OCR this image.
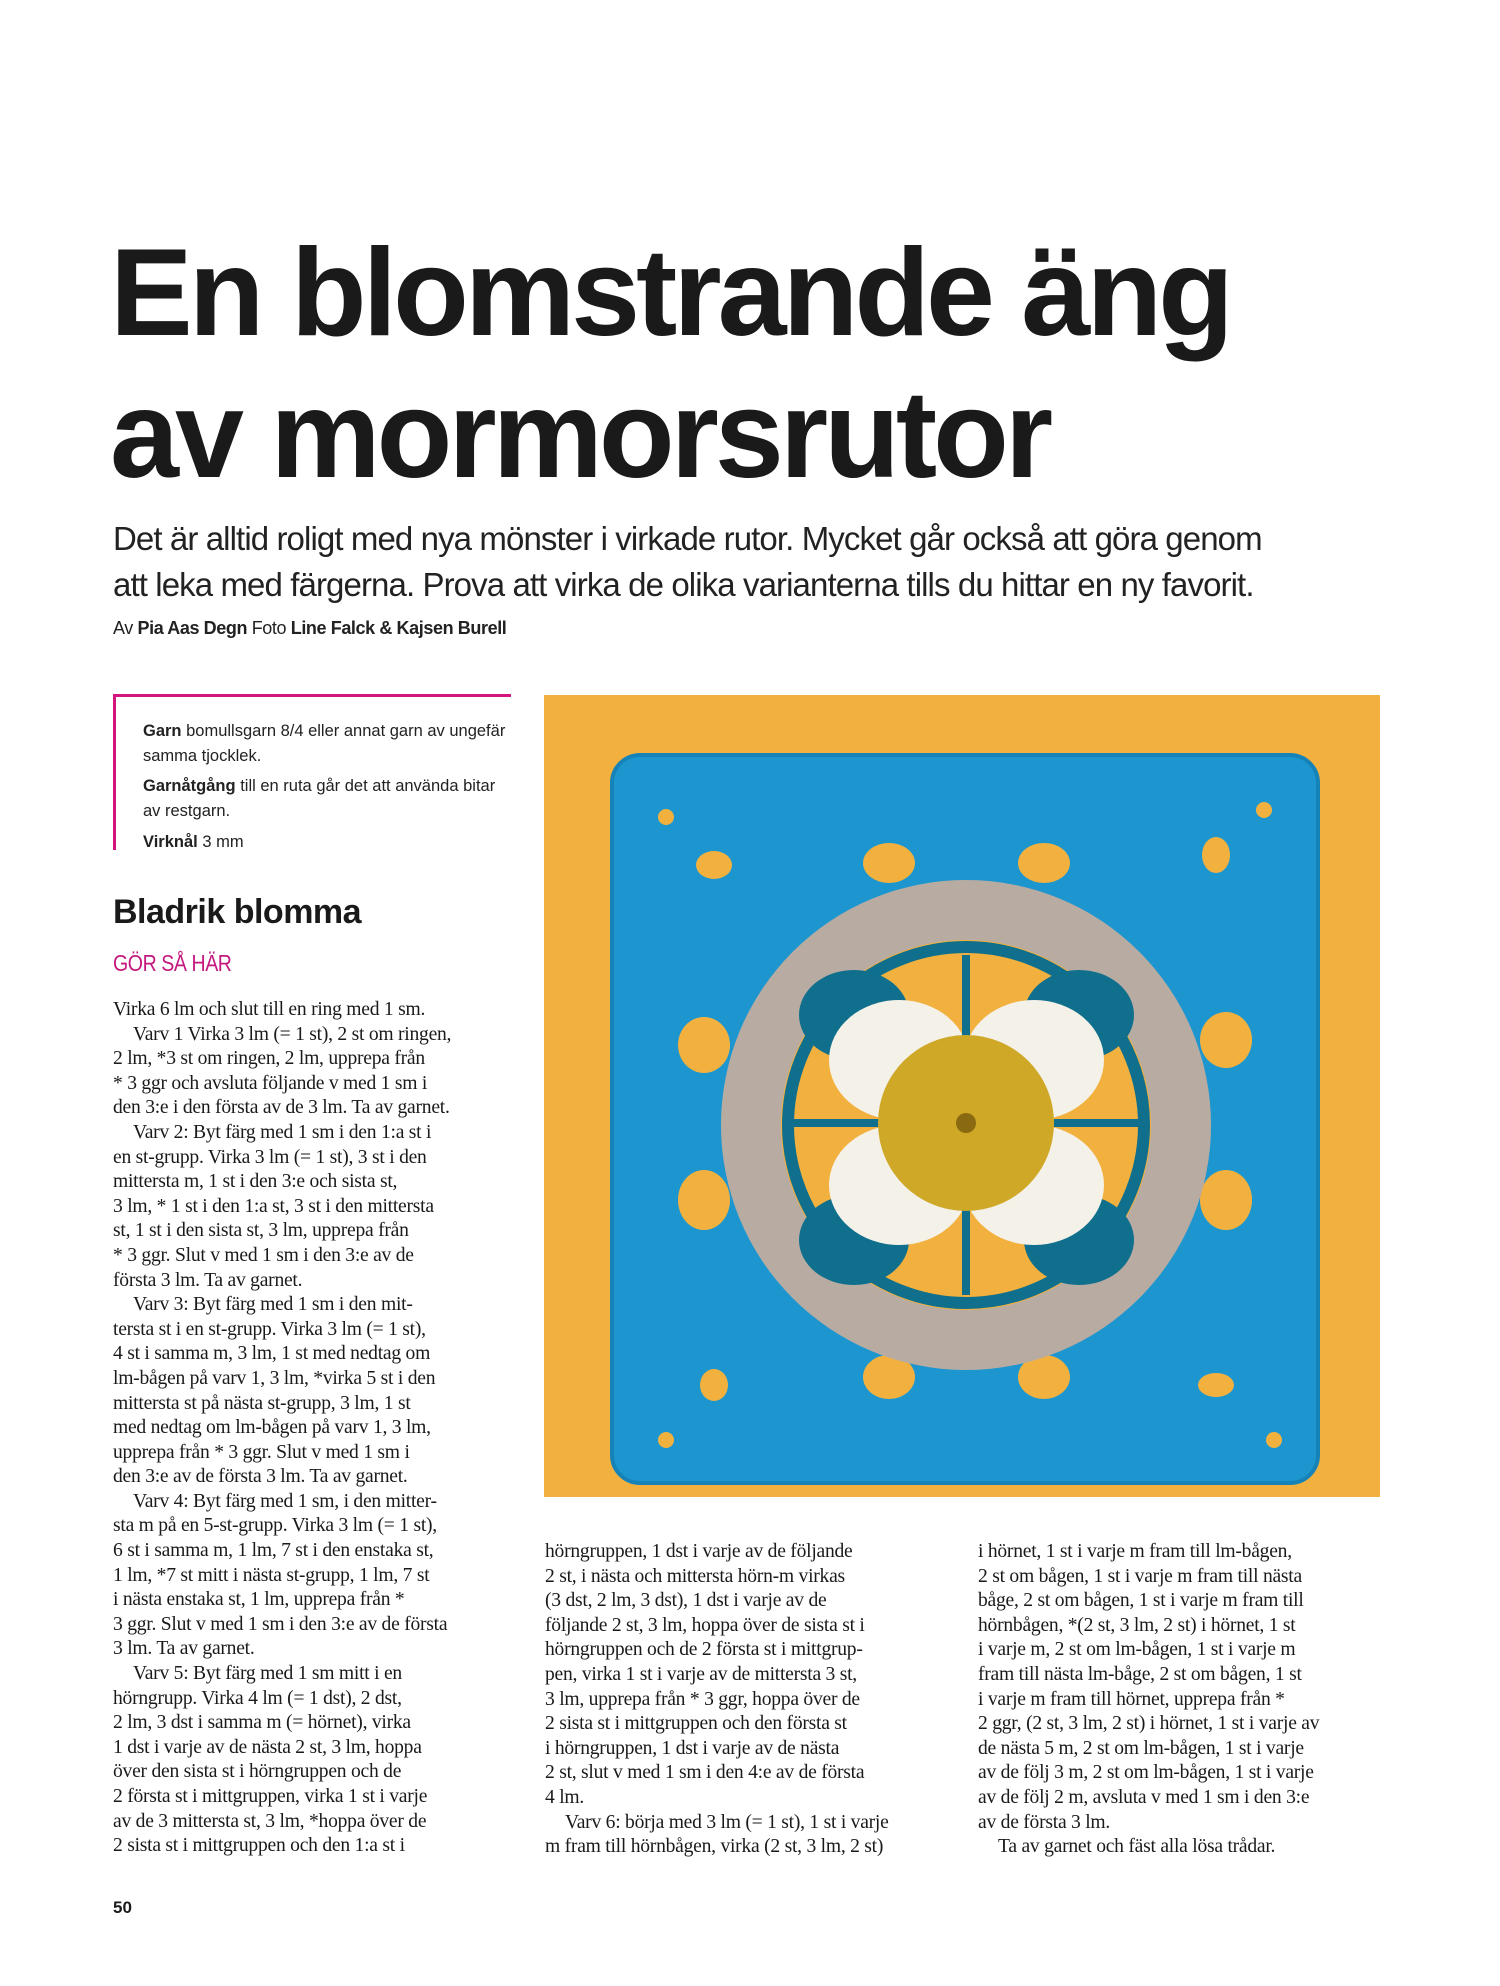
En blomstrande äng
av mormorsrutor
Det är alltid roligt med nya mönster i virkade rutor. Mycket går också att göra genom
att leka med färgerna. Prova att virka de olika varianterna tills du hittar en ny favorit.
Av Pia Aas Degn Foto Line Falck & Kajsen Burell
Garn bomullsgarn 8/4 eller annat garn av ungefär samma tjocklek.
Garnåtgång till en ruta går det att använda bitar av restgarn.
Virknål 3 mm
Bladrik blomma
GÖR SÅ HÄR
Virka 6 lm och slut till en ring med 1 sm.
Varv 1 Virka 3 lm (= 1 st), 2 st om ringen,
2 lm, *3 st om ringen, 2 lm, upprepa från
* 3 ggr och avsluta följande v med 1 sm i
den 3:e i den första av de 3 lm. Ta av garnet.
Varv 2: Byt färg med 1 sm i den 1:a st i
en st-grupp. Virka 3 lm (= 1 st), 3 st i den
mittersta m, 1 st i den 3:e och sista st,
3 lm, * 1 st i den 1:a st, 3 st i den mittersta
st, 1 st i den sista st, 3 lm, upprepa från
* 3 ggr. Slut v med 1 sm i den 3:e av de
första 3 lm. Ta av garnet.
Varv 3: Byt färg med 1 sm i den mit-
tersta st i en st-grupp. Virka 3 lm (= 1 st),
4 st i samma m, 3 lm, 1 st med nedtag om
lm-bågen på varv 1, 3 lm, *virka 5 st i den
mittersta st på nästa st-grupp, 3 lm, 1 st
med nedtag om lm-bågen på varv 1, 3 lm,
upprepa från * 3 ggr. Slut v med 1 sm i
den 3:e av de första 3 lm. Ta av garnet.
Varv 4: Byt färg med 1 sm, i den mitter-
sta m på en 5-st-grupp. Virka 3 lm (= 1 st),
6 st i samma m, 1 lm, 7 st i den enstaka st,
1 lm, *7 st mitt i nästa st-grupp, 1 lm, 7 st
i nästa enstaka st, 1 lm, upprepa från *
3 ggr. Slut v med 1 sm i den 3:e av de första
3 lm. Ta av garnet.
Varv 5: Byt färg med 1 sm mitt i en
hörngrupp. Virka 4 lm (= 1 dst), 2 dst,
2 lm, 3 dst i samma m (= hörnet), virka
1 dst i varje av de nästa 2 st, 3 lm, hoppa
över den sista st i hörngruppen och de
2 första st i mittgruppen, virka 1 st i varje
av de 3 mittersta st, 3 lm, *hoppa över de
2 sista st i mittgruppen och den 1:a st i
hörngruppen, 1 dst i varje av de följande
2 st, i nästa och mittersta hörn-m virkas
(3 dst, 2 lm, 3 dst), 1 dst i varje av de
följande 2 st, 3 lm, hoppa över de sista st i
hörngruppen och de 2 första st i mittgrup-
pen, virka 1 st i varje av de mittersta 3 st,
3 lm, upprepa från * 3 ggr, hoppa över de
2 sista st i mittgruppen och den första st
i hörngruppen, 1 dst i varje av de nästa
2 st, slut v med 1 sm i den 4:e av de första
4 lm.
Varv 6: börja med 3 lm (= 1 st), 1 st i varje
m fram till hörnbågen, virka (2 st, 3 lm, 2 st)
i hörnet, 1 st i varje m fram till lm-bågen,
2 st om bågen, 1 st i varje m fram till nästa
båge, 2 st om bågen, 1 st i varje m fram till
hörnbågen, *(2 st, 3 lm, 2 st) i hörnet, 1 st
i varje m, 2 st om lm-bågen, 1 st i varje m
fram till nästa lm-båge, 2 st om bågen, 1 st
i varje m fram till hörnet, upprepa från *
2 ggr, (2 st, 3 lm, 2 st) i hörnet, 1 st i varje av
de nästa 5 m, 2 st om lm-bågen, 1 st i varje
av de följ 3 m, 2 st om lm-bågen, 1 st i varje
av de följ 2 m, avsluta v med 1 sm i den 3:e
av de första 3 lm.
Ta av garnet och fäst alla lösa trådar.
50
